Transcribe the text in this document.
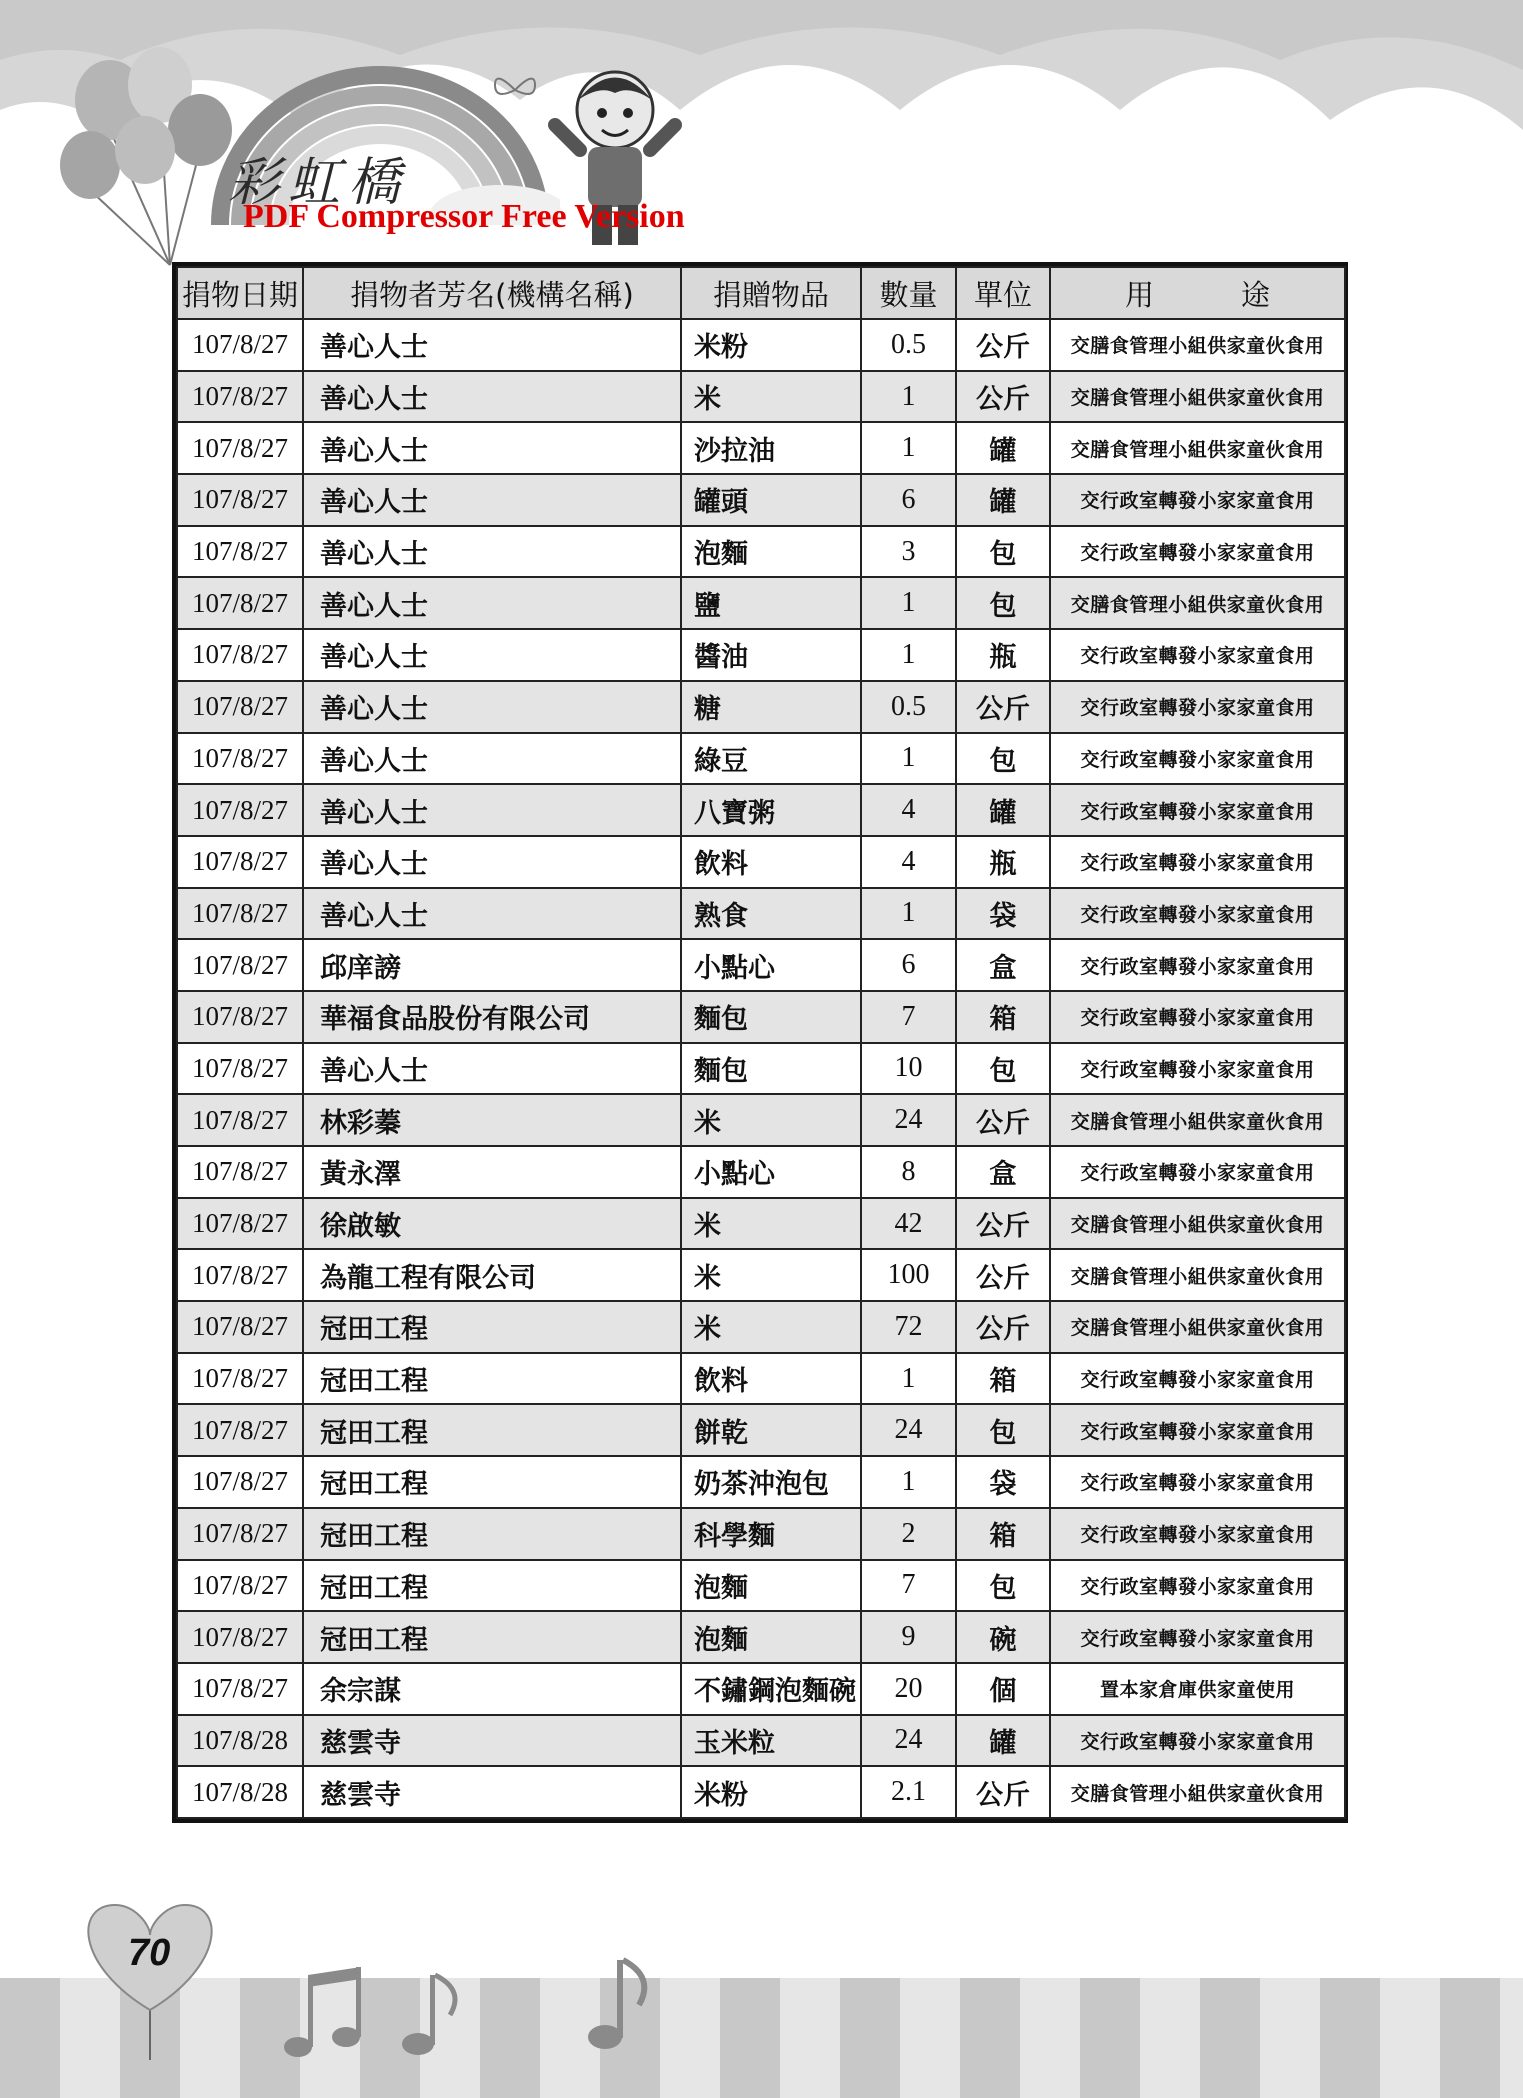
彩虹橋
PDF Compressor Free Version
捐物日期	捐物者芳名(機構名稱)	捐贈物品	數量	單位	用　　　途
107/8/27	善心人士	米粉	0.5	公斤	交膳食管理小組供家童伙食用
107/8/27	善心人士	米	1	公斤	交膳食管理小組供家童伙食用
107/8/27	善心人士	沙拉油	1	罐	交膳食管理小組供家童伙食用
107/8/27	善心人士	罐頭	6	罐	交行政室轉發小家家童食用
107/8/27	善心人士	泡麵	3	包	交行政室轉發小家家童食用
107/8/27	善心人士	鹽	1	包	交膳食管理小組供家童伙食用
107/8/27	善心人士	醬油	1	瓶	交行政室轉發小家家童食用
107/8/27	善心人士	糖	0.5	公斤	交行政室轉發小家家童食用
107/8/27	善心人士	綠豆	1	包	交行政室轉發小家家童食用
107/8/27	善心人士	八寶粥	4	罐	交行政室轉發小家家童食用
107/8/27	善心人士	飲料	4	瓶	交行政室轉發小家家童食用
107/8/27	善心人士	熟食	1	袋	交行政室轉發小家家童食用
107/8/27	邱庠謗	小點心	6	盒	交行政室轉發小家家童食用
107/8/27	華福食品股份有限公司	麵包	7	箱	交行政室轉發小家家童食用
107/8/27	善心人士	麵包	10	包	交行政室轉發小家家童食用
107/8/27	林彩蓁	米	24	公斤	交膳食管理小組供家童伙食用
107/8/27	黃永澤	小點心	8	盒	交行政室轉發小家家童食用
107/8/27	徐啟敏	米	42	公斤	交膳食管理小組供家童伙食用
107/8/27	為龍工程有限公司	米	100	公斤	交膳食管理小組供家童伙食用
107/8/27	冠田工程	米	72	公斤	交膳食管理小組供家童伙食用
107/8/27	冠田工程	飲料	1	箱	交行政室轉發小家家童食用
107/8/27	冠田工程	餅乾	24	包	交行政室轉發小家家童食用
107/8/27	冠田工程	奶茶沖泡包	1	袋	交行政室轉發小家家童食用
107/8/27	冠田工程	科學麵	2	箱	交行政室轉發小家家童食用
107/8/27	冠田工程	泡麵	7	包	交行政室轉發小家家童食用
107/8/27	冠田工程	泡麵	9	碗	交行政室轉發小家家童食用
107/8/27	余宗謀	不鏽鋼泡麵碗	20	個	置本家倉庫供家童使用
107/8/28	慈雲寺	玉米粒	24	罐	交行政室轉發小家家童食用
107/8/28	慈雲寺	米粉	2.1	公斤	交膳食管理小組供家童伙食用
70
